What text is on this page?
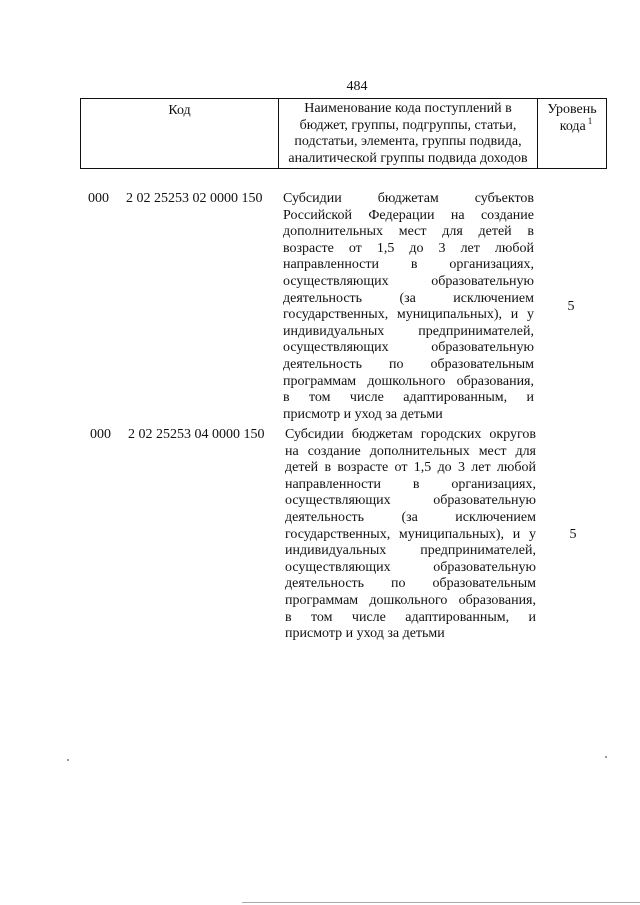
484
Код	Наименование кода поступлений в
бюджет, группы, подгруппы, статьи,
подстатьи, элемента, группы подвида,
аналитической группы подвида доходов
Уровень
кода $^1$
000 2 02 25253 02 0000 150 Субсидии бюджетам субъектов
Российской Федерации на создание
дополнительных мест для детей в
возрасте от 1,5 до 3 лет любой
направленности в организациях,
осуществляющих образовательную
деятельность (за исключением
государственных, муниципальных), и у
индивидуальных предпринимателей,
осуществляющих образовательную
деятельность по образовательным
программам дошкольного образования,
в том числе адаптированным, и
присмотр и уход за детьми
5
000 2 02 25253 04 0000 150 Субсидии бюджетам городских округов
на создание дополнительных мест для
детей в возрасте от 1,5 до 3 лет любой
направленности в организациях,
осуществляющих образовательную
деятельность (за исключением
государственных, муниципальных), и у
индивидуальных предпринимателей,
осуществляющих образовательную
деятельность по образовательным
программам дошкольного образования,
в том числе адаптированным, и
присмотр и уход за детьми
5
